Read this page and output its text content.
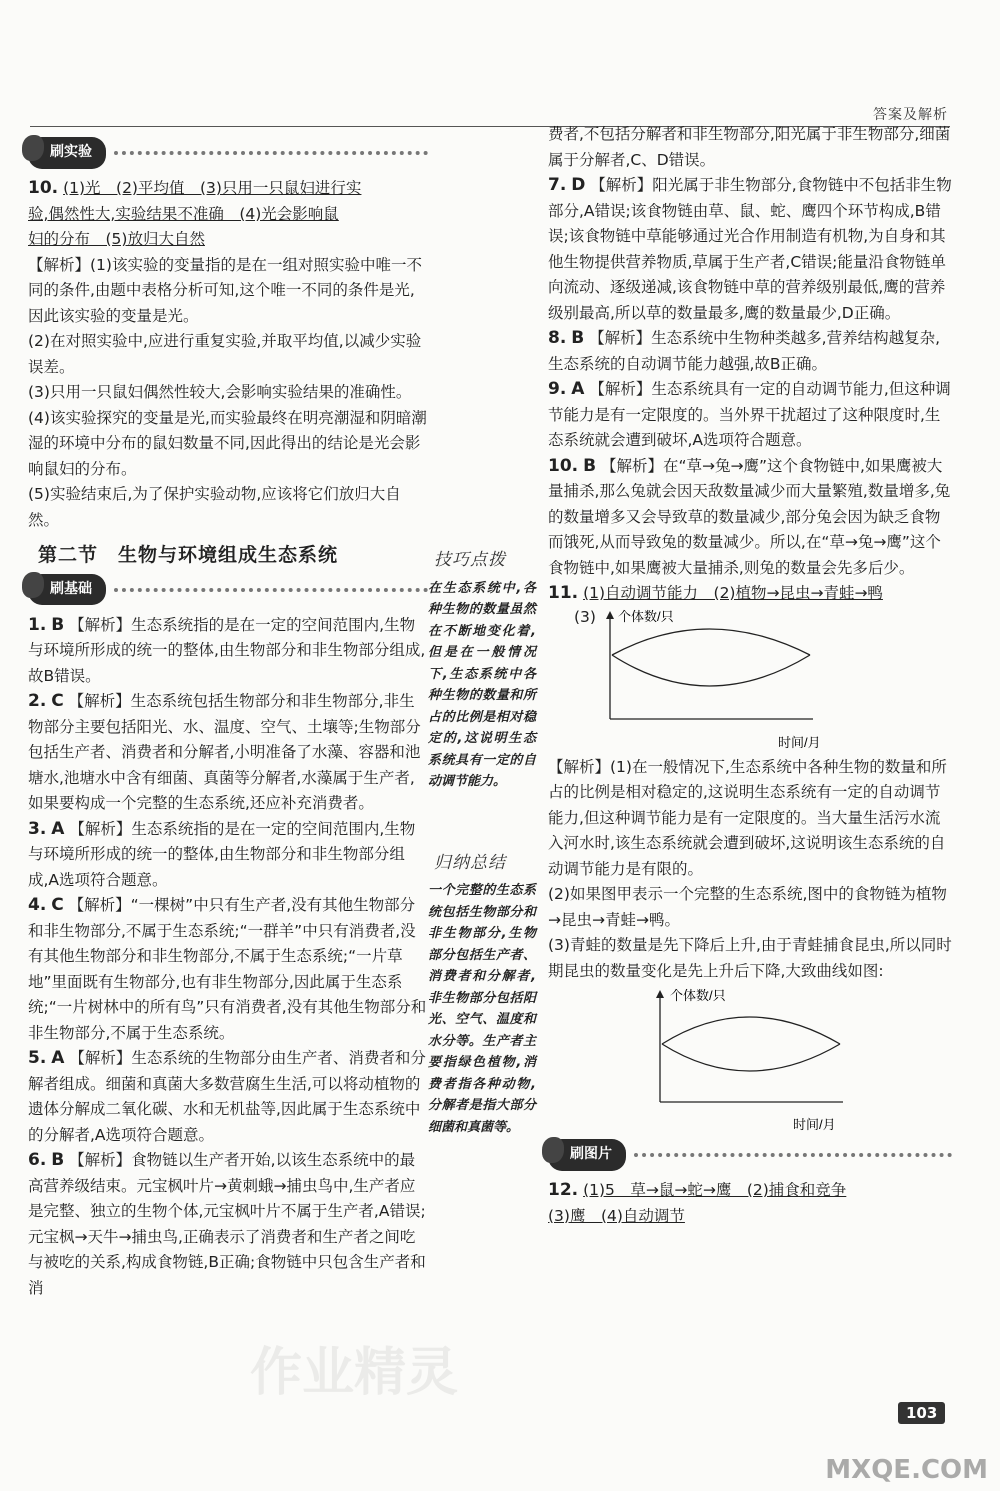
答案及解析
作业精灵
刷实验
10. (1)光　(2)平均值　(3)只用一只鼠妇进行实
验,偶然性大,实验结果不准确　(4)光会影响鼠
妇的分布　(5)放归大自然

【解析】(1)该实验的变量指的是在一组对照实验中唯一不同的条件,由题中表格分析可知,这个唯一不同的条件是光,因此该实验的变量是光。

(2)在对照实验中,应进行重复实验,并取平均值,以减少实验误差。

(3)只用一只鼠妇偶然性较大,会影响实验结果的准确性。

(4)该实验探究的变量是光,而实验最终在明亮潮湿和阴暗潮湿的环境中分布的鼠妇数量不同,因此得出的结论是光会影响鼠妇的分布。

(5)实验结束后,为了保护实验动物,应该将它们放归大自然。

第二节　生物与环境组成生态系统
刷基础

1. B 【解析】生态系统指的是在一定的空间范围内,生物与环境所形成的统一的整体,由生物部分和非生物部分组成,故B错误。

2. C 【解析】生态系统包括生物部分和非生物部分,非生物部分主要包括阳光、水、温度、空气、土壤等;生物部分包括生产者、消费者和分解者,小明准备了水藻、容器和池塘水,池塘水中含有细菌、真菌等分解者,水藻属于生产者,如果要构成一个完整的生态系统,还应补充消费者。

3. A 【解析】生态系统指的是在一定的空间范围内,生物与环境所形成的统一的整体,由生物部分和非生物部分组成,A选项符合题意。

4. C 【解析】“一棵树”中只有生产者,没有其他生物部分和非生物部分,不属于生态系统;“一群羊”中只有消费者,没有其他生物部分和非生物部分,不属于生态系统;“一片草地”里面既有生物部分,也有非生物部分,因此属于生态系统;“一片树林中的所有鸟”只有消费者,没有其他生物部分和非生物部分,不属于生态系统。

5. A 【解析】生态系统的生物部分由生产者、消费者和分解者组成。细菌和真菌大多数营腐生生活,可以将动植物的遗体分解成二氧化碳、水和无机盐等,因此属于生态系统中的分解者,A选项符合题意。

6. B 【解析】食物链以生产者开始,以该生态系统中的最高营养级结束。元宝枫叶片→黄刺蛾→捕虫鸟中,生产者应是完整、独立的生物个体,元宝枫叶片不属于生产者,A错误;元宝枫→天牛→捕虫鸟,正确表示了消费者和生产者之间吃与被吃的关系,构成食物链,B正确;食物链中只包含生产者和消

技巧点拨
在生态系统中,各种生物的数量虽然在不断地变化着,但是在一般情况下,生态系统中各种生物的数量和所占的比例是相对稳定的,这说明生态系统具有一定的自动调节能力。
归纳总结
一个完整的生态系统包括生物部分和非生物部分,生物部分包括生产者、消费者和分解者,非生物部分包括阳光、空气、温度和水分等。生产者主要指绿色植物,消费者指各种动物,分解者是指大部分细菌和真菌等。

费者,不包括分解者和非生物部分,阳光属于非生物部分,细菌属于分解者,C、D错误。

7. D 【解析】阳光属于非生物部分,食物链中不包括非生物部分,A错误;该食物链由草、鼠、蛇、鹰四个环节构成,B错误;该食物链中草能够通过光合作用制造有机物,为自身和其他生物提供营养物质,草属于生产者,C错误;能量沿食物链单向流动、逐级递减,该食物链中草的营养级别最低,鹰的营养级别最高,所以草的数量最多,鹰的数量最少,D正确。

8. B 【解析】生态系统中生物种类越多,营养结构越复杂,生态系统的自动调节能力越强,故B正确。

9. A 【解析】生态系统具有一定的自动调节能力,但这种调节能力是有一定限度的。当外界干扰超过了这种限度时,生态系统就会遭到破坏,A选项符合题意。

10. B 【解析】在“草→兔→鹰”这个食物链中,如果鹰被大量捕杀,那么兔就会因天敌数量减少而大量繁殖,数量增多,兔的数量增多又会导致草的数量减少,部分兔会因为缺乏食物而饿死,从而导致兔的数量减少。所以,在“草→兔→鹰”这个食物链中,如果鹰被大量捕杀,则兔的数量会先多后少。

11. (1)自动调节能力　(2)植物→昆虫→青蛙→鸭
(3) 个体数/只
时间/月

【解析】(1)在一般情况下,生态系统中各种生物的数量和所占的比例是相对稳定的,这说明生态系统有一定的自动调节能力,但这种调节能力是有一定限度的。当大量生活污水流入河水时,该生态系统就会遭到破坏,这说明该生态系统的自动调节能力是有限的。

(2)如果图甲表示一个完整的生态系统,图中的食物链为植物→昆虫→青蛙→鸭。

(3)青蛙的数量是先下降后上升,由于青蛙捕食昆虫,所以同时期昆虫的数量变化是先上升后下降,大致曲线如图:

个体数/只
时间/月
刷图片
12. (1)5　草→鼠→蛇→鹰　(2)捕食和竞争
(3)鹰　(4)自动调节
103
MXQE.COM
